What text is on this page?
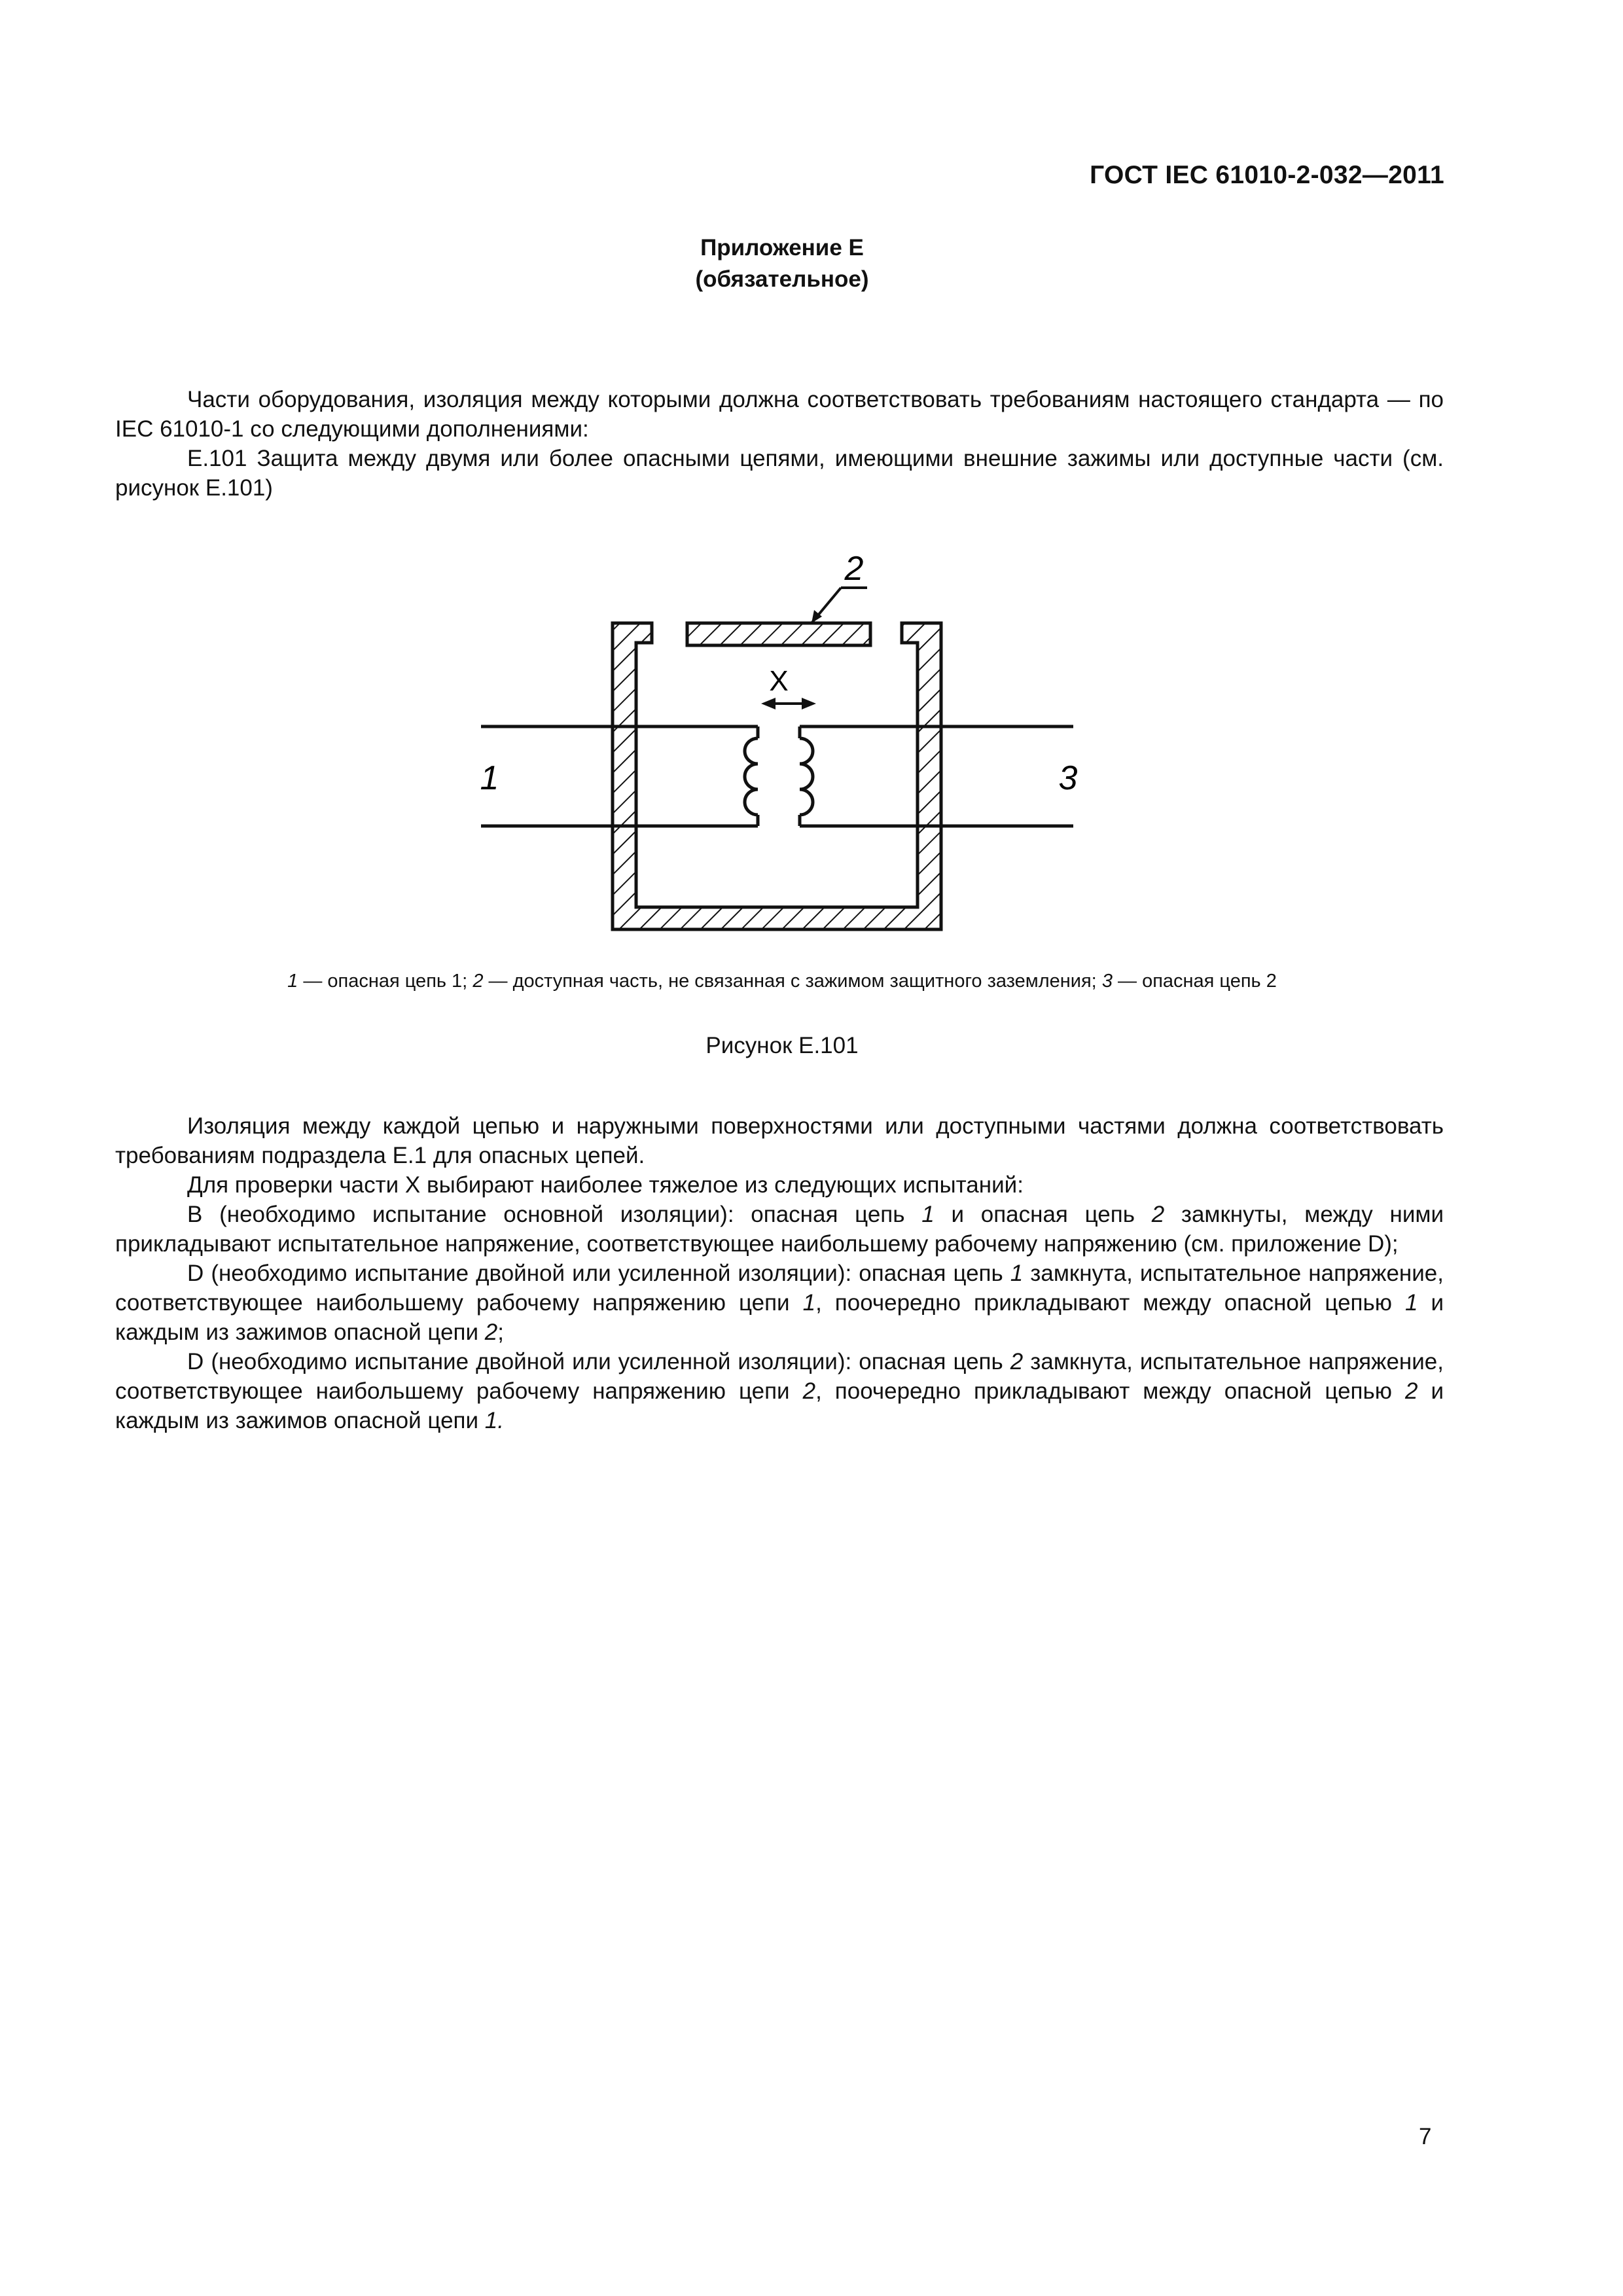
ГОСТ IEC 61010-2-032—2011
Приложение Е
(обязательное)

Части оборудования, изоляция между которыми должна соответствовать требованиям настоящего стандарта — по IEC 61010-1 со следующими дополнениями:

Е.101 Защита между двумя или более опасными цепями, имеющими внешние зажимы или доступные части (см. рисунок Е.101)

X
1
2
3
1 — опасная цепь 1; 2 — доступная часть, не связанная с зажимом защитного заземления; 3 — опасная цепь 2
Рисунок Е.101

Изоляция между каждой цепью и наружными поверхностями или доступными частями должна соответствовать требованиям подраздела Е.1 для опасных цепей.

Для проверки части X выбирают наиболее тяжелое из следующих испытаний:

В (необходимо испытание основной изоляции): опасная цепь 1 и опасная цепь 2 замкнуты, между ними прикладывают испытательное напряжение, соответствующее наибольшему рабочему напряжению (см. приложение D);

D (необходимо испытание двойной или усиленной изоляции): опасная цепь 1 замкнута, испытательное напряжение, соответствующее наибольшему рабочему напряжению цепи 1, поочередно прикладывают между опасной цепью 1 и каждым из зажимов опасной цепи 2;

D (необходимо испытание двойной или усиленной изоляции): опасная цепь 2 замкнута, испытательное напряжение, соответствующее наибольшему рабочему напряжению цепи 2, поочередно прикладывают между опасной цепью 2 и каждым из зажимов опасной цепи 1.

7
